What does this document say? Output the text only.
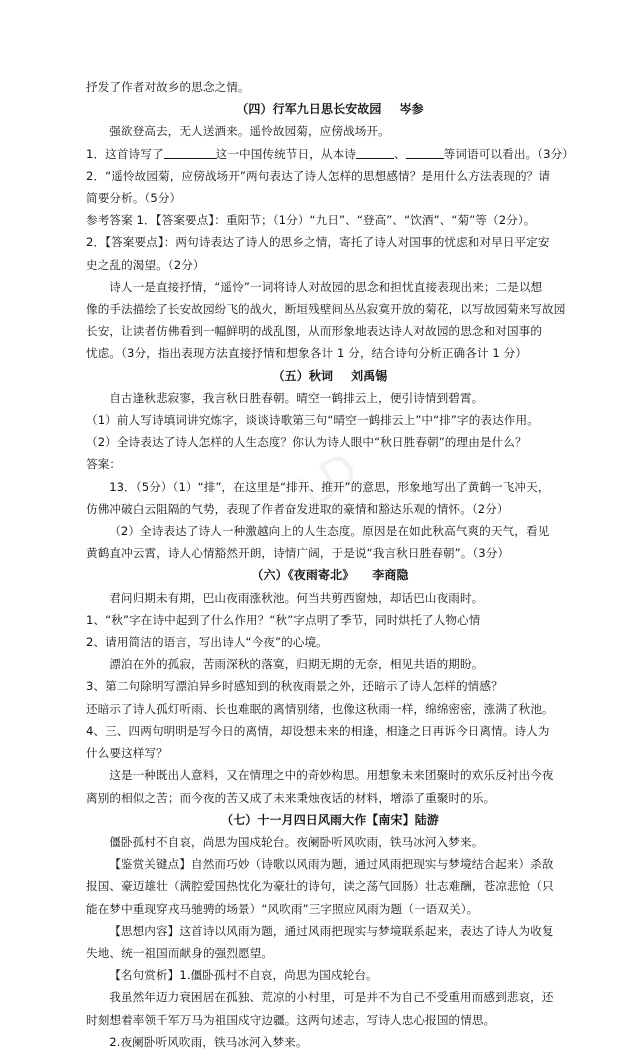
LD

抒发了作者对故乡的思念之情。

（四）行军九日思长安故园 岑参

强欲登高去，无人送酒来。遥怜故园菊，应傍战场开。

1．这首诗写了	这一中国传统节日，从本诗	、	等词语可以看出。（3分）

2．“遥怜故园菊，应傍战场开”两句表达了诗人怎样的思想感情？是用什么方法表现的？请

简要分析。（5分）

参考答案 1．【答案要点】：重阳节；（1分）“九日”、“登高”、“饮酒”、“菊”等（2分）。

2．【答案要点】：两句诗表达了诗人的思乡之情，寄托了诗人对国事的忧虑和对早日平定安

史之乱的渴望。（2分）

诗人一是直接抒情，“遥怜”一词将诗人对故园的思念和担忧直接表现出来；二是以想

像的手法描绘了长安故园纷飞的战火，断垣残壁间丛丛寂寞开放的菊花，以写故园菊来写故园

长安，让读者仿佛看到一幅鲜明的战乱图，从而形象地表达诗人对故园的思念和对国事的

忧虑。（3分，指出表现方法直接抒情和想象各计 1 分，结合诗句分析正确各计 1 分）

（五）秋词 刘禹锡

自古逢秋悲寂寥，我言秋日胜春朝。晴空一鹤排云上，便引诗情到碧霄。

（1）前人写诗填词讲究炼字，谈谈诗歌第三句“晴空一鹤排云上”中“排”字的表达作用。

（2）全诗表达了诗人怎样的人生态度？你认为诗人眼中“秋日胜春朝”的理由是什么？

答案：

13．（5分）（1）“排”，在这里是“排开、推开”的意思，形象地写出了黄鹤一飞冲天，

仿佛冲破白云阻隔的气势，表现了作者奋发进取的豪情和豁达乐观的情怀。（2分）

（2）全诗表达了诗人一种激越向上的人生态度。原因是在如此秋高气爽的天气，看见

黄鹤直冲云霄，诗人心情豁然开朗，诗情广阔，于是说“我言秋日胜春朝”。（3分）

（六）《夜雨寄北》 李商隐

君问归期未有期，巴山夜雨涨秋池。何当共剪西窗烛，却话巴山夜雨时。

1、“秋”字在诗中起到了什么作用？“秋”字点明了季节，同时烘托了人物心情

2、请用简洁的语言，写出诗人“今夜”的心境。

漂泊在外的孤寂，苦雨深秋的落寞，归期无期的无奈，相见共语的期盼。

3、第二句除明写漂泊异乡时感知到的秋夜雨景之外，还暗示了诗人怎样的情感？

还暗示了诗人孤灯听雨、长也难眠的离情别绪，也像这秋雨一样，绵绵密密，涨满了秋池。

4、三、四两句明明是写今日的离情，却设想未来的相逢，相逢之日再诉今日离情。诗人为

什么要这样写？

这是一种既出人意料，又在情理之中的奇妙构思。用想象未来团聚时的欢乐反衬出今夜

离别的相似之苦；而今夜的苦又成了未来秉烛夜话的材料，增添了重聚时的乐。

（七）十一月四日风雨大作【南宋】陆游

僵卧孤村不自哀，尚思为国戍轮台。夜阑卧听风吹雨，铁马冰河入梦来。

【鉴赏关键点】自然而巧妙（诗歌以风雨为题，通过风雨把现实与梦境结合起来）杀敌

报国、豪迈雄壮（满腔爱国热忱化为豪壮的诗句，读之荡气回肠）壮志难酬，苍凉悲怆（只

能在梦中重现穿戎马驰骋的场景）“风吹雨”三字照应风雨为题（一语双关）。

【思想内容】这首诗以风雨为题，通过风雨把现实与梦境联系起来，表达了诗人为收复

失地、统一祖国而献身的强烈愿望。

【名句赏析】1.僵卧孤村不自哀，尚思为国戍轮台。

我虽然年迈力衰困居在孤独、荒凉的小村里，可是并不为自己不受重用而感到悲哀，还

时刻想着率领千军万马为祖国戍守边疆。这两句述志，写诗人忠心报国的情思。

2.夜阑卧听风吹雨，铁马冰河入梦来。
